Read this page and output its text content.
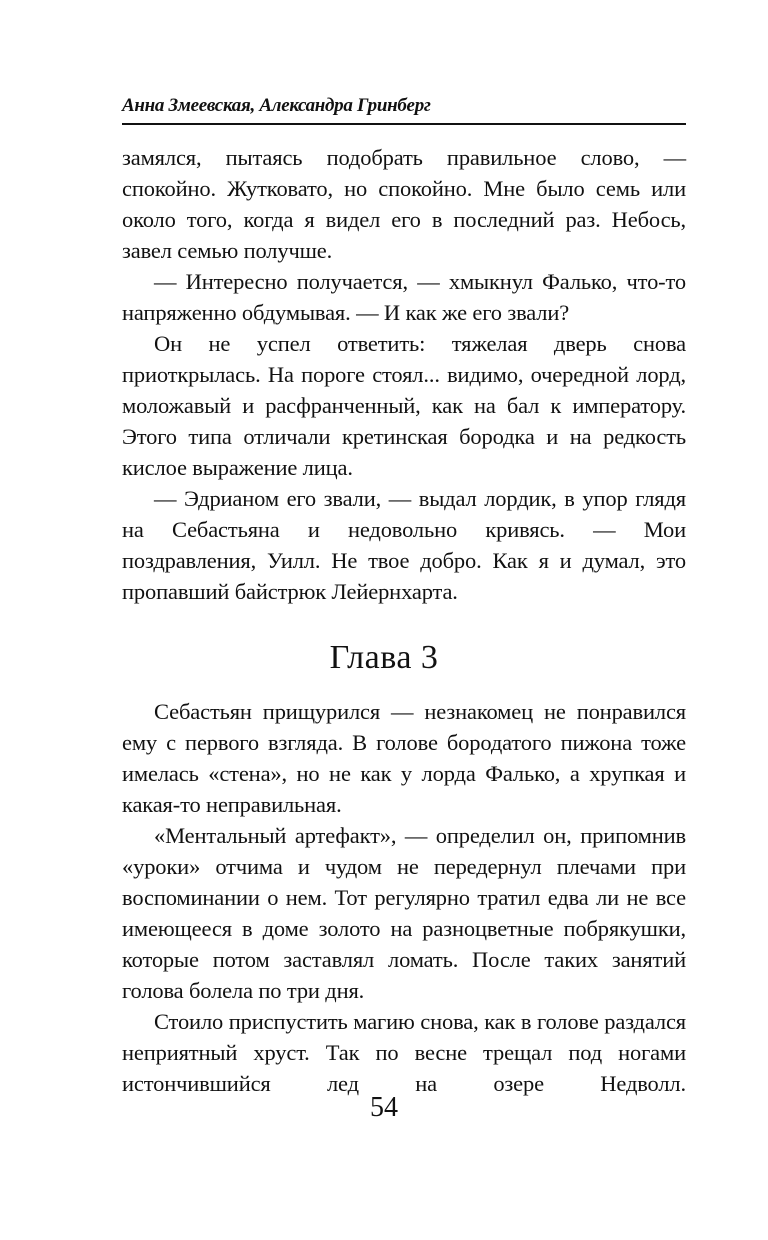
Анна Змеевская, Александра Гринберг

замялся, пытаясь подобрать правильное слово, — спокойно. Жутковато, но спокойно. Мне было семь или около того, когда я видел его в последний раз. Небось, завел семью получше.

— Интересно получается, — хмыкнул Фалько, что-то напряженно обдумывая. — И как же его звали?

Он не успел ответить: тяжелая дверь снова приоткрылась. На пороге стоял... видимо, очередной лорд, моложавый и расфранченный, как на бал к императору. Этого типа отличали кретинская бородка и на редкость кислое выражение лица.

— Эдрианом его звали, — выдал лордик, в упор глядя на Себастьяна и недовольно кривясь. — Мои поздравления, Уилл. Не твое добро. Как я и думал, это пропавший байстрюк Лейернхарта.

Глава 3

Себастьян прищурился — незнакомец не понравился ему с первого взгляда. В голове бородатого пижона тоже имелась «стена», но не как у лорда Фалько, а хрупкая и какая-то неправильная.

«Ментальный артефакт», — определил он, припомнив «уроки» отчима и чудом не передернул плечами при воспоминании о нем. Тот регулярно тратил едва ли не все имеющееся в доме золото на разноцветные побрякушки, которые потом заставлял ломать. После таких занятий голова болела по три дня.

Стоило приспустить магию снова, как в голове раздался неприятный хруст. Так по весне трещал под ногами истончившийся лед на озере Недволл.

54
